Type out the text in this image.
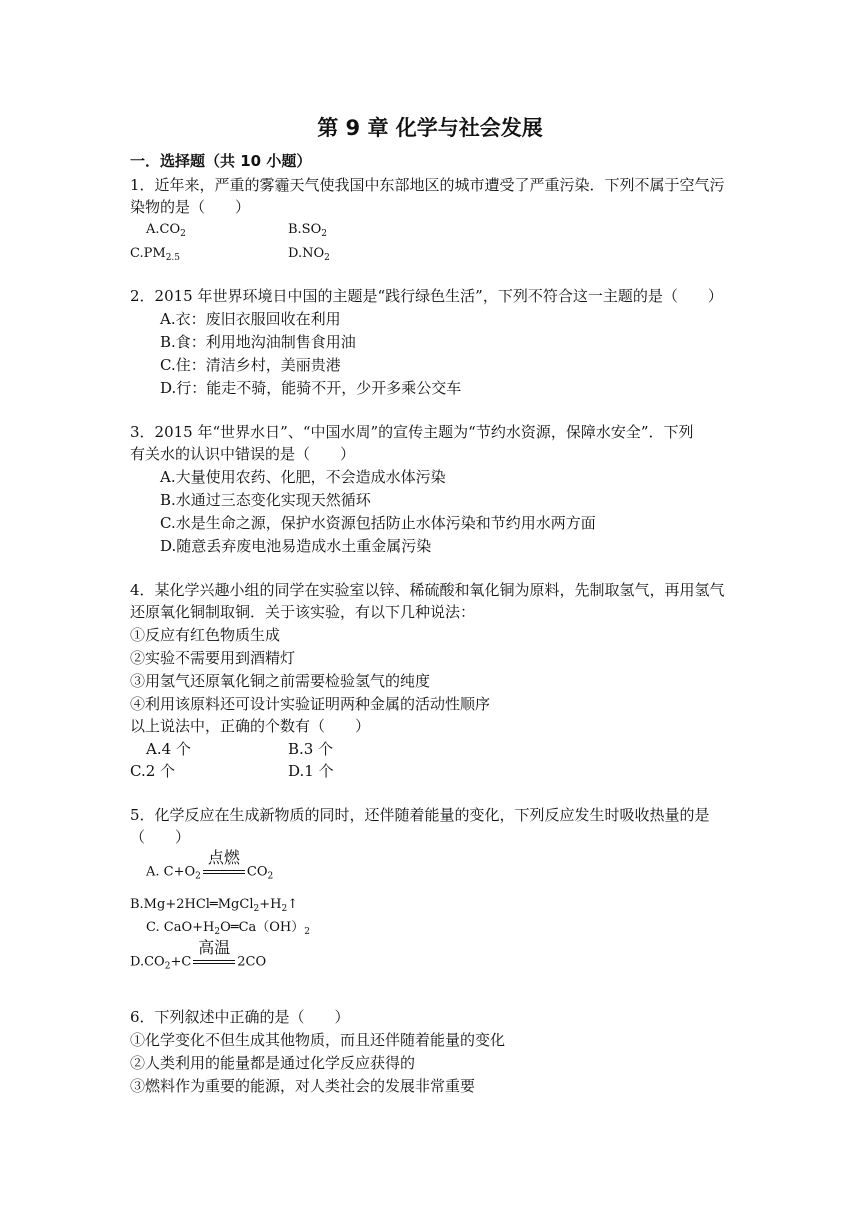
第 9 章 化学与社会发展
一．选择题（共 10 小题）
1．近年来，严重的雾霾天气使我国中东部地区的城市遭受了严重污染．下列不属于空气污
染物的是（　　）
$A.CO_2$	$B.SO_2$
$C.PM_{2.5}$	$D.NO_2$
2．2015 年世界环境日中国的主题是“践行绿色生活”，下列不符合这一主题的是（　　）
A.衣：废旧衣服回收在利用
B.食：利用地沟油制售食用油
C.住：清洁乡村，美丽贵港
D.行：能走不骑，能骑不开，少开多乘公交车
3．2015 年“世界水日”、“中国水周”的宣传主题为“节约水资源，保障水安全”．下列
有关水的认识中错误的是（　　）
A.大量使用农药、化肥，不会造成水体污染
B.水通过三态变化实现天然循环
C.水是生命之源，保护水资源包括防止水体污染和节约用水两方面
D.随意丢弃废电池易造成水土重金属污染
4．某化学兴趣小组的同学在实验室以锌、稀硫酸和氧化铜为原料，先制取氢气，再用氢气
还原氧化铜制取铜．关于该实验，有以下几种说法：
①反应有红色物质生成
②实验不需要用到酒精灯
③用氢气还原氧化铜之前需要检验氢气的纯度
④利用该原料还可设计实验证明两种金属的活动性顺序
以上说法中，正确的个数有（　　）
A.4 个	B.3 个
C.2 个	D.1 个
5．化学反应在生成新物质的同时，还伴随着能量的变化，下列反应发生时吸收热量的是
（　　）
A. $C+O_2$
点燃
$CO_2$
$B.Mg+2HCl═MgCl_2+H_2↑$
C. $CaO+H_2O═Ca(OH)_2$
$D.CO_2+C$
高温
2CO
6．下列叙述中正确的是（　　）
①化学变化不但生成其他物质，而且还伴随着能量的变化
②人类利用的能量都是通过化学反应获得的
③燃料作为重要的能源，对人类社会的发展非常重要
